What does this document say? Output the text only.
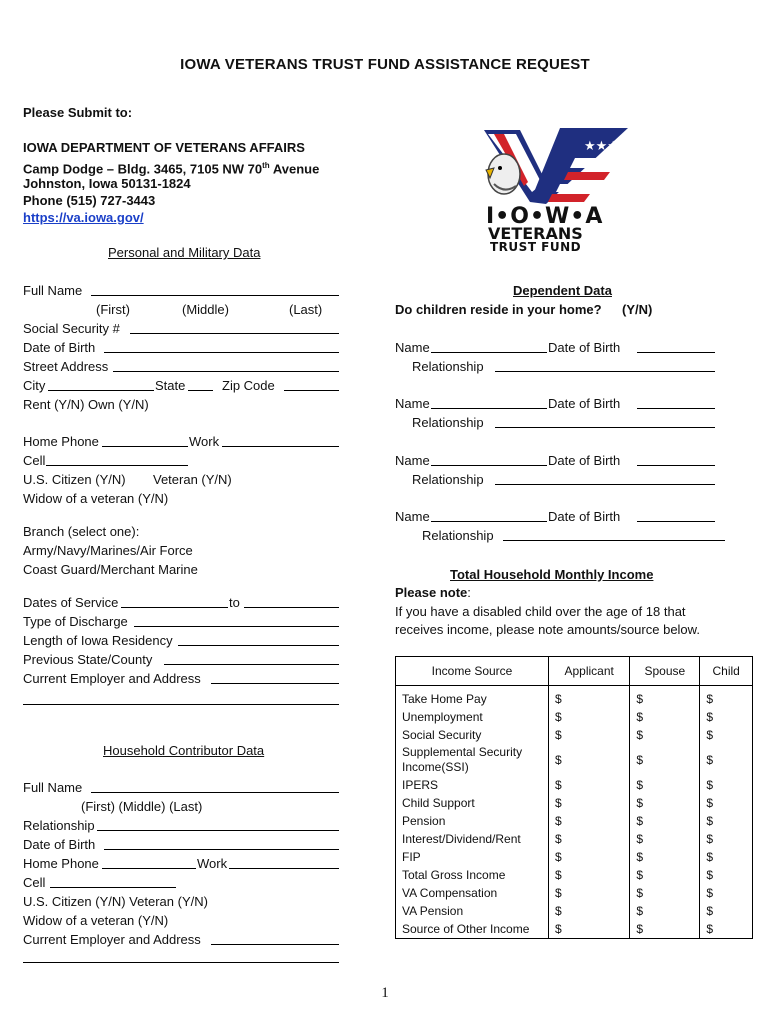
IOWA VETERANS TRUST FUND ASSISTANCE REQUEST
Please Submit to:
IOWA DEPARTMENT OF VETERANS AFFAIRS
Camp Dodge – Bldg. 3465, 7105 NW 70th Avenue
Johnston, Iowa 50131-1824
Phone (515) 727-3443
https://va.iowa.gov/
★★★
I•O•W•A
VETERANS
TRUST FUND
Personal and Military Data
Full Name
(First)	(Middle)	(Last)
Social Security #
Date of Birth
Street Address
City	State	Zip Code
Rent (Y/N) Own (Y/N)
Home Phone	Work
Cell
U.S. Citizen (Y/N) Veteran (Y/N)
Widow of a veteran (Y/N)
Branch (select one):
Army/Navy/Marines/Air Force
Coast Guard/Merchant Marine
Dates of Service	to
Type of Discharge
Length of Iowa Residency
Previous State/County
Current Employer and Address
Household Contributor Data
Full Name
(First) (Middle) (Last)
Relationship
Date of Birth
Home Phone	Work
Cell
U.S. Citizen (Y/N) Veteran (Y/N)
Widow of a veteran (Y/N)
Current Employer and Address
Dependent Data
Do children reside in your home? (Y/N)
Name	Date of Birth
Relationship
Name	Date of Birth
Relationship
Name	Date of Birth
Relationship
Name	Date of Birth
Relationship
Total Household Monthly Income
Please note:
If you have a disabled child over the age of 18 that
receives income, please note amounts/source below.
Income Source	Applicant	Spouse	Child
Take Home Pay	$	$	$
Unemployment	$	$	$
Social Security	$	$	$
Supplemental Security Income(SSI)	$	$	$
IPERS	$	$	$
Child Support	$	$	$
Pension	$	$	$
Interest/Dividend/Rent	$	$	$
FIP	$	$	$
Total Gross Income	$	$	$
VA Compensation	$	$	$
VA Pension	$	$	$
Source of Other Income	$	$	$
1
